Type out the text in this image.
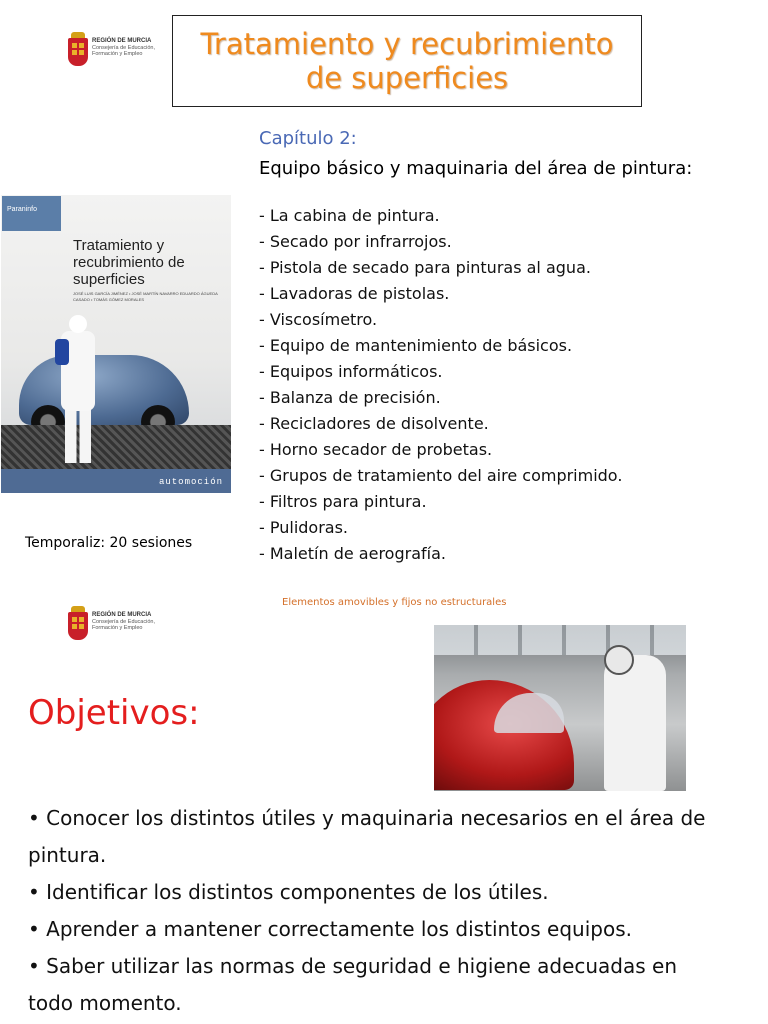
REGIÓN DE MURCIA
Consejería de Educación,
Formación y Empleo	Tratamiento y recubrimiento
de superficies
Capítulo 2:
Equipo básico y maquinaria del área de pintura:
- La cabina de pintura.
- Secado por infrarrojos.
- Pistola de secado para pinturas al agua.
- Lavadoras de pistolas.
- Viscosímetro.
- Equipo de mantenimiento de básicos.
- Equipos informáticos.
- Balanza de precisión.
- Recicladores de disolvente.
- Horno secador de probetas.
- Grupos de tratamiento del aire comprimido.
- Filtros para pintura.
- Pulidoras.
- Maletín de aerografía.
Paraninfo
Tratamiento y recubrimiento de superficies
JOSÉ LUIS GARCÍA JIMÉNEZ • JOSÉ MARTÍN NAVARRO EDUARDO ÁGUEDA CASADO • TOMÁS GÓMEZ MORALES
automoción
Temporaliz: 20 sesiones
REGIÓN DE MURCIA
Consejería de Educación,
Formación y Empleo
Elementos amovibles y fijos no estructurales
Objetivos:
• Conocer los distintos útiles y maquinaria necesarios en el área de pintura.
• Identificar los distintos componentes de los útiles.
• Aprender a mantener correctamente los distintos equipos.
• Saber utilizar las normas de seguridad e higiene adecuadas en todo momento.
